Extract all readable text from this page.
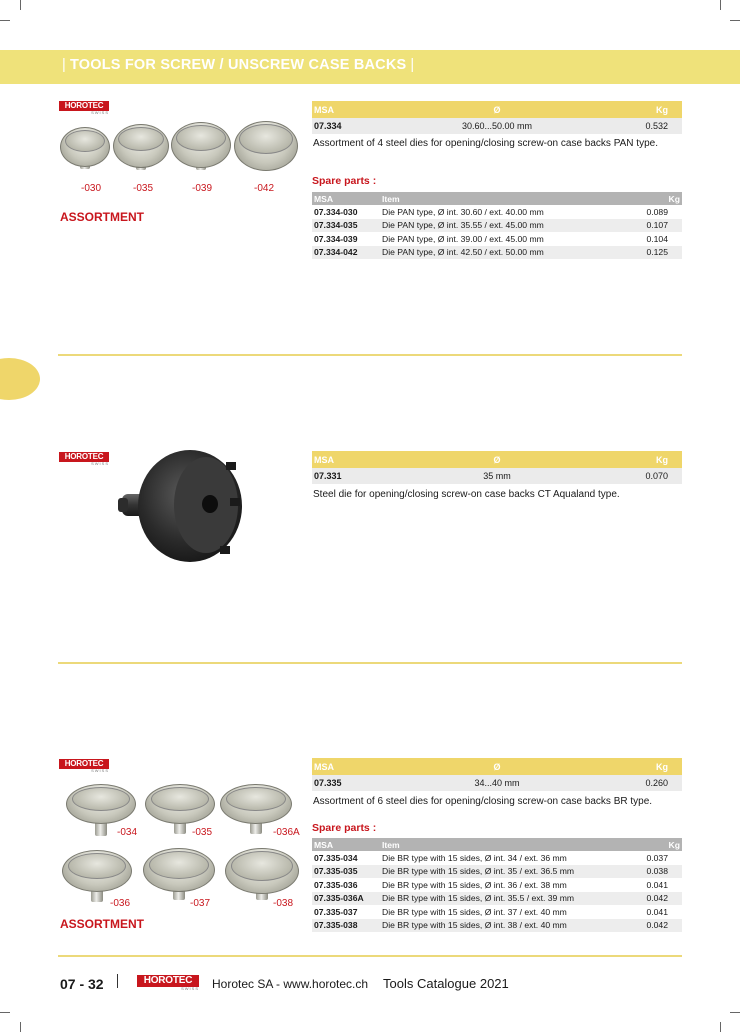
| TOOLS FOR SCREW / UNSCREW CASE BACKS |
HOROTEC
SWISS
-030	-035	-039	-042
ASSORTMENT
MSA	Ø	Kg
07.334	30.60...50.00 mm	0.532
Assortment of 4 steel dies for opening/closing screw-on case backs PAN type.
Spare parts :
MSA	Item	Kg
07.334-030	Die PAN type, Ø int. 30.60 / ext. 40.00 mm	0.089
07.334-035	Die PAN type, Ø int. 35.55 / ext. 45.00 mm	0.107
07.334-039	Die PAN type, Ø int. 39.00 / ext. 45.00 mm	0.104
07.334-042	Die PAN type, Ø int. 42.50 / ext. 50.00 mm	0.125
HOROTEC
SWISS	MSA	Ø	Kg
07.331	35 mm	0.070
Steel die for opening/closing screw-on case backs CT Aqualand type.
HOROTEC
SWISS
-034	-035	-036A
-036	-037	-038
ASSORTMENT
MSA	Ø	Kg
07.335	34...40 mm	0.260
Assortment of 6 steel dies for opening/closing screw-on case backs BR type.
Spare parts :
MSA	Item	Kg
07.335-034	Die BR type with 15 sides, Ø int. 34 / ext. 36 mm	0.037
07.335-035	Die BR type with 15 sides, Ø int. 35 / ext. 36.5 mm	0.038
07.335-036	Die BR type with 15 sides, Ø int. 36 / ext. 38 mm	0.041
07.335-036A	Die BR type with 15 sides, Ø int. 35.5 / ext. 39 mm	0.042
07.335-037	Die BR type with 15 sides, Ø int. 37 / ext. 40 mm	0.041
07.335-038	Die BR type with 15 sides, Ø int. 38 / ext. 40 mm	0.042
07 - 32	HOROTEC
SWISS Horotec SA - www.horotec.ch Tools Catalogue 2021
